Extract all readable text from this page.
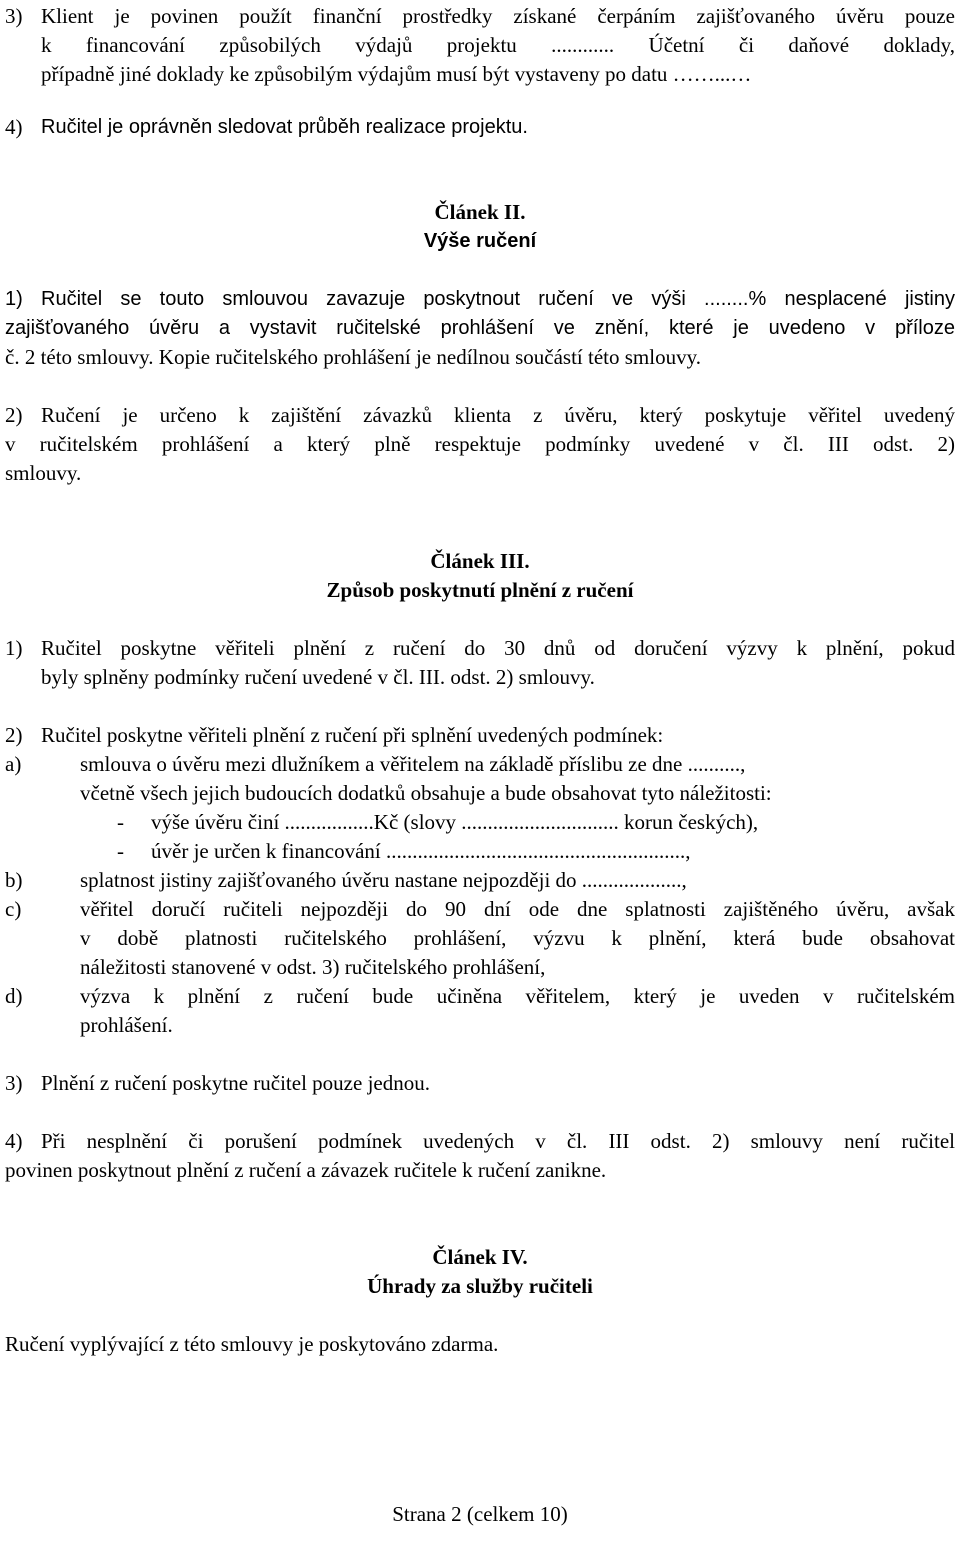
3) Klient je povinen použít finanční prostředky získané čerpáním zajišťovaného úvěru pouze
k financování způsobilých výdajů projektu ............ Účetní či daňové doklady,
případně jiné doklady ke způsobilým výdajům musí být vystaveny po datu ……...…
4) Ručitel je oprávněn sledovat průběh realizace projektu.
Článek II.
Výše ručení
1) Ručitel se touto smlouvou zavazuje poskytnout ručení ve výši ........% nesplacené jistiny
zajišťovaného úvěru a vystavit ručitelské prohlášení ve znění, které je uvedeno v příloze
č. 2 této smlouvy. Kopie ručitelského prohlášení je nedílnou součástí této smlouvy.
2) Ručení je určeno k zajištění závazků klienta z úvěru, který poskytuje věřitel uvedený
v ručitelském prohlášení a který plně respektuje podmínky uvedené v čl. III odst. 2)
smlouvy.
Článek III.
Způsob poskytnutí plnění z ručení
1) Ručitel poskytne věřiteli plnění z ručení do 30 dnů od doručení výzvy k plnění, pokud
byly splněny podmínky ručení uvedené v čl. III. odst. 2) smlouvy.
2) Ručitel poskytne věřiteli plnění z ručení při splnění uvedených podmínek:
a)	smlouva o úvěru mezi dlužníkem a věřitelem na základě příslibu ze dne ..........,
včetně všech jejich budoucích dodatků obsahuje a bude obsahovat tyto náležitosti:
- výše úvěru činí .................Kč (slovy .............................. korun českých),
- úvěr je určen k financování .........................................................,
b)	splatnost jistiny zajišťovaného úvěru nastane nejpozději do ...................,
c)	věřitel doručí ručiteli nejpozději do 90 dní ode dne splatnosti zajištěného úvěru, avšak
v době platnosti ručitelského prohlášení, výzvu k plnění, která bude obsahovat
náležitosti stanovené v odst. 3) ručitelského prohlášení,
d)	výzva k plnění z ručení bude učiněna věřitelem, který je uveden v ručitelském
prohlášení.
3) Plnění z ručení poskytne ručitel pouze jednou.
4) Při nesplnění či porušení podmínek uvedených v čl. III odst. 2) smlouvy není ručitel
povinen poskytnout plnění z ručení a závazek ručitele k ručení zanikne.
Článek IV.
Úhrady za služby ručiteli
Ručení vyplývající z této smlouvy je poskytováno zdarma.
Strana 2 (celkem 10)
